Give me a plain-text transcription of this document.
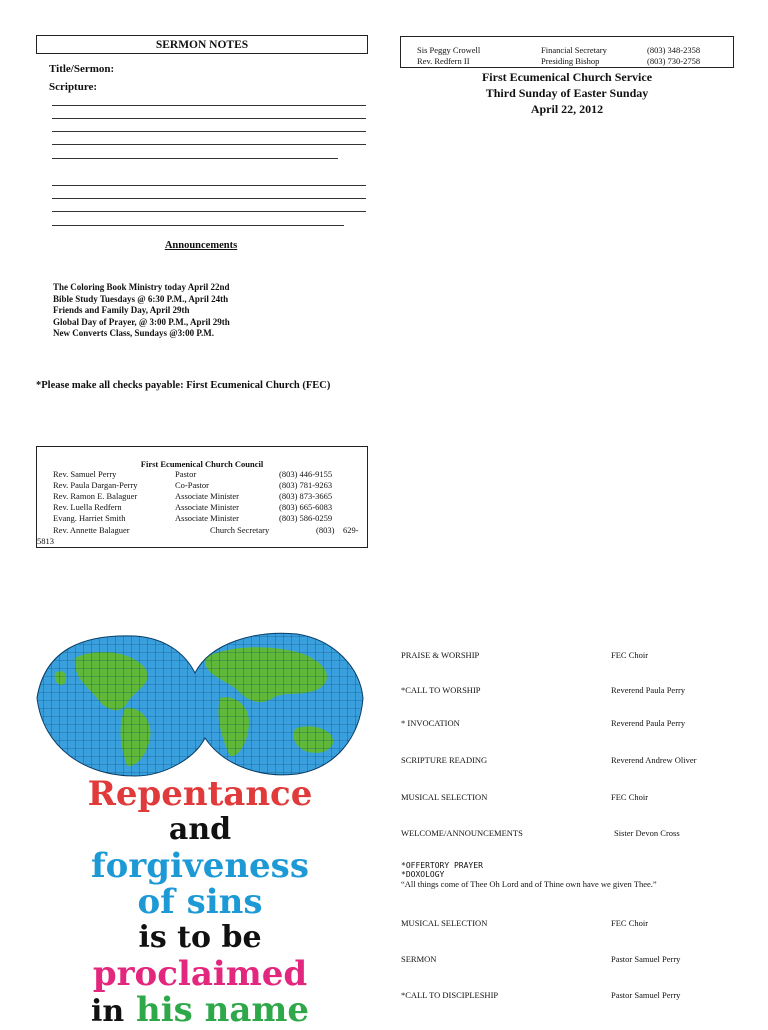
SERMON NOTES
Title/Sermon:
Scripture:
Announcements
The Coloring Book Ministry today April 22nd
Bible Study Tuesdays @ 6:30 P.M., April 24th
Friends and Family Day, April 29th
Global Day of Prayer, @ 3:00 P.M., April 29th
New Converts Class, Sundays @3:00 P.M.
*Please make all checks payable: First Ecumenical Church (FEC)
First Ecumenical Church Council
Rev. Samuel Perry	Pastor	(803) 446-9155
Rev. Paula Dargan-Perry	Co-Pastor	(803) 781-9263
Rev. Ramon E. Balaguer	Associate Minister	(803) 873-3665
Rev. Luella Redfern	Associate Minister	(803) 665-6083
Evang. Harriet Smith	Associate Minister	(803) 586-0259
Rev. Annette Balaguer	Church Secretary	(803) 629-
5813
Sis Peggy Crowell	Financial Secretary	(803) 348-2358
Rev. Redfern II	Presiding Bishop	(803) 730-2758
First Ecumenical Church Service
Third Sunday of Easter Sunday
April 22, 2012
Repentance
and
forgiveness
of sins
is to be
proclaimed
in his name
PRAISE & WORSHIP	FEC Choir
*CALL TO WORSHIP	Reverend Paula Perry
* INVOCATION	Reverend Paula Perry
SCRIPTURE READING	Reverend Andrew Oliver
MUSICAL SELECTION	FEC Choir
WELCOME/ANNOUNCEMENTS	Sister Devon Cross
*OFFERTORY PRAYER
*DOXOLOGY
“All things come of Thee Oh Lord and of Thine own have we given Thee.”
MUSICAL SELECTION	FEC Choir
SERMON	Pastor Samuel Perry
*CALL TO DISCIPLESHIP	Pastor Samuel Perry
